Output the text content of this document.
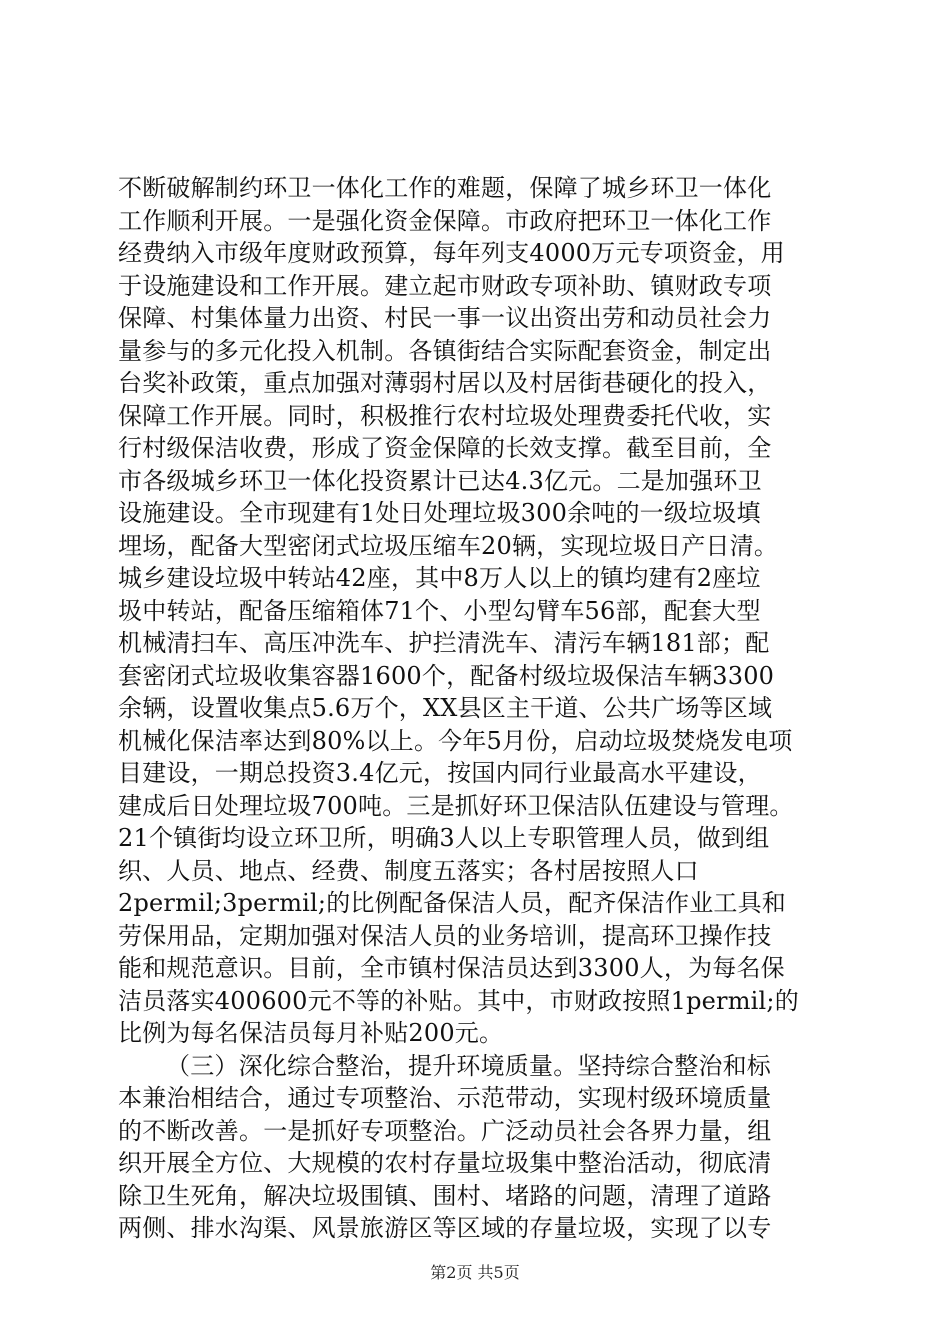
不断破解制约环卫一体化工作的难题，保障了城乡环卫一体化
工作顺利开展。一是强化资金保障。市政府把环卫一体化工作
经费纳入市级年度财政预算，每年列支4000万元专项资金，用
于设施建设和工作开展。建立起市财政专项补助、镇财政专项
保障、村集体量力出资、村民一事一议出资出劳和动员社会力
量参与的多元化投入机制。各镇街结合实际配套资金，制定出
台奖补政策，重点加强对薄弱村居以及村居街巷硬化的投入，
保障工作开展。同时，积极推行农村垃圾处理费委托代收，实
行村级保洁收费，形成了资金保障的长效支撑。截至目前，全
市各级城乡环卫一体化投资累计已达4.3亿元。二是加强环卫
设施建设。全市现建有1处日处理垃圾300余吨的一级垃圾填
埋场，配备大型密闭式垃圾压缩车20辆，实现垃圾日产日清。
城乡建设垃圾中转站42座，其中8万人以上的镇均建有2座垃
圾中转站，配备压缩箱体71个、小型勾臂车56部，配套大型
机械清扫车、高压冲洗车、护拦清洗车、清污车辆181部；配
套密闭式垃圾收集容器1600个，配备村级垃圾保洁车辆3300
余辆，设置收集点5.6万个，XX县区主干道、公共广场等区域
机械化保洁率达到80%以上。今年5月份，启动垃圾焚烧发电项
目建设，一期总投资3.4亿元，按国内同行业最高水平建设，
建成后日处理垃圾700吨。三是抓好环卫保洁队伍建设与管理。
21个镇街均设立环卫所，明确3人以上专职管理人员，做到组
织、人员、地点、经费、制度五落实；各村居按照人口
2permil;3permil;的比例配备保洁人员，配齐保洁作业工具和
劳保用品，定期加强对保洁人员的业务培训，提高环卫操作技
能和规范意识。目前，全市镇村保洁员达到3300人，为每名保
洁员落实400600元不等的补贴。其中，市财政按照1permil;的
比例为每名保洁员每月补贴200元。
（三）深化综合整治，提升环境质量。坚持综合整治和标
本兼治相结合，通过专项整治、示范带动，实现村级环境质量
的不断改善。一是抓好专项整治。广泛动员社会各界力量，组
织开展全方位、大规模的农村存量垃圾集中整治活动，彻底清
除卫生死角，解决垃圾围镇、围村、堵路的问题，清理了道路
两侧、排水沟渠、风景旅游区等区域的存量垃圾，实现了以专
第2页 共5页
